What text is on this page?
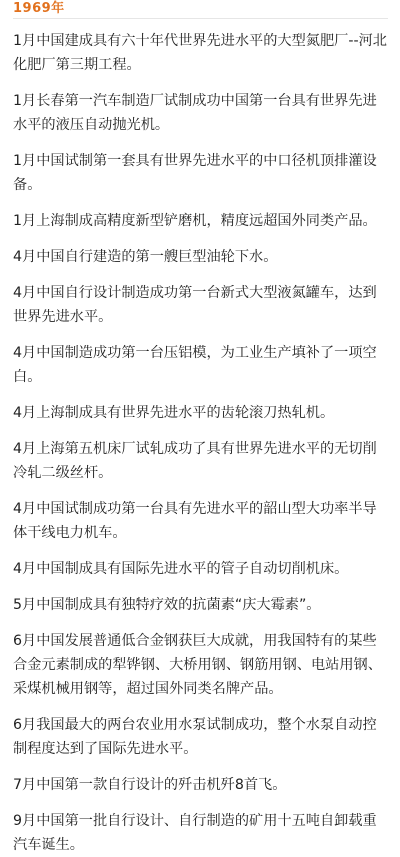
1969年
1月中国建成具有六十年代世界先进水平的大型氮肥厂--河北化肥厂第三期工程。
1月长春第一汽车制造厂试制成功中国第一台具有世界先进水平的液压自动抛光机。
1月中国试制第一套具有世界先进水平的中口径机顶排灌设备。
1月上海制成高精度新型铲磨机，精度远超国外同类产品。
4月中国自行建造的第一艘巨型油轮下水。
4月中国自行设计制造成功第一台新式大型液氮罐车，达到世界先进水平。
4月中国制造成功第一台压铝模，为工业生产填补了一项空白。
4月上海制成具有世界先进水平的齿轮滚刀热轧机。
4月上海第五机床厂试轧成功了具有世界先进水平的无切削冷轧二级丝杆。
4月中国试制成功第一台具有先进水平的韶山型大功率半导体干线电力机车。
4月中国制成具有国际先进水平的管子自动切削机床。
5月中国制成具有独特疗效的抗菌素“庆大霉素”。
6月中国发展普通低合金钢获巨大成就，用我国特有的某些合金元素制成的犁铧钢、大桥用钢、钢筋用钢、电站用钢、采煤机械用钢等，超过国外同类名牌产品。
6月我国最大的两台农业用水泵试制成功，整个水泵自动控制程度达到了国际先进水平。
7月中国第一款自行设计的歼击机歼8首飞。
9月中国第一批自行设计、自行制造的矿用十五吨自卸载重汽车诞生。
